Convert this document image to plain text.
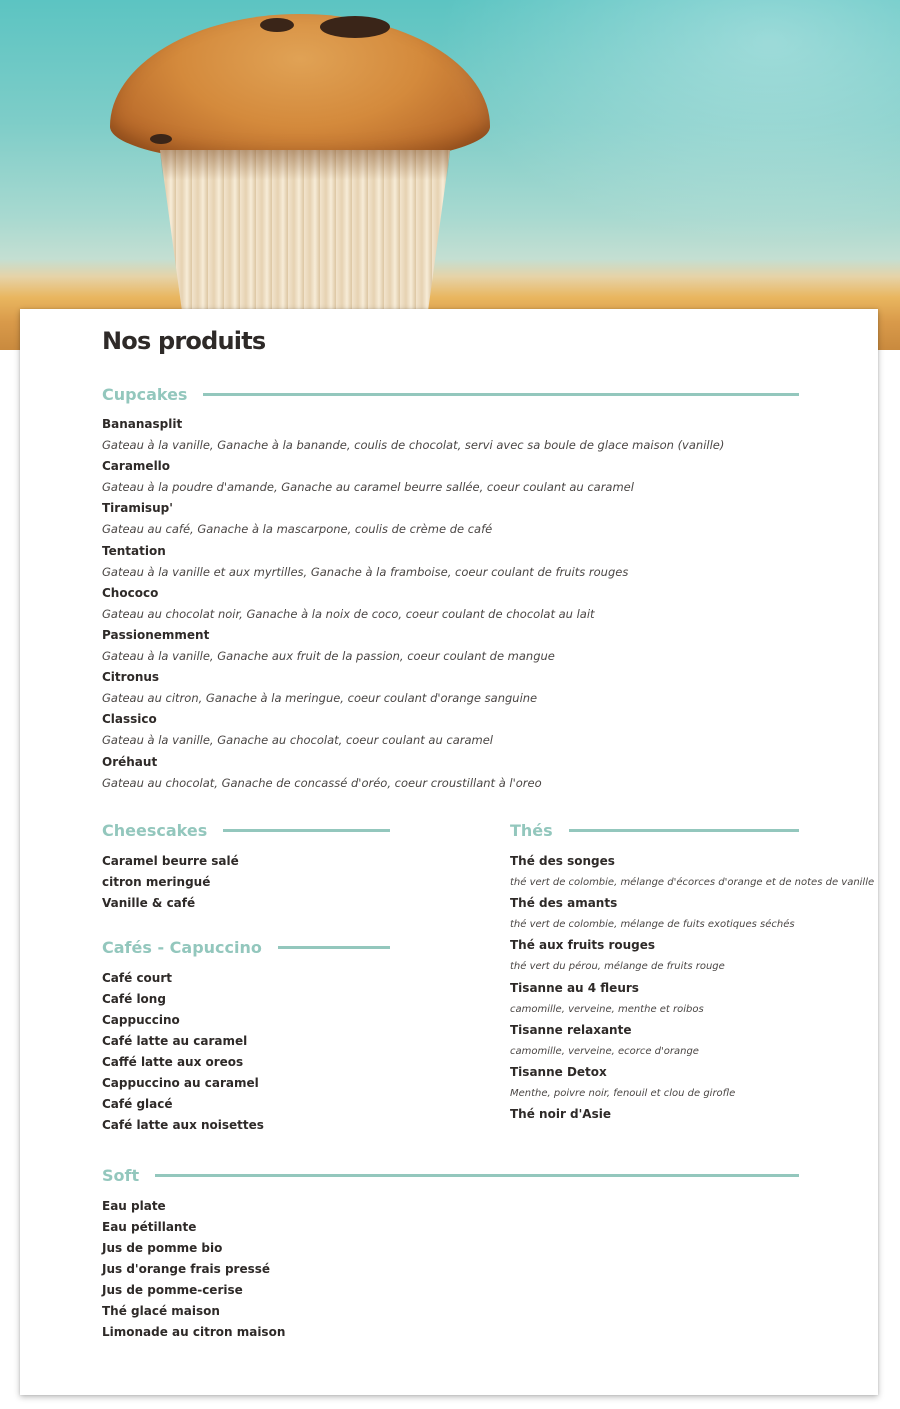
Nos produits
Cupcakes
Cheescakes
Cafés - Capuccino
Thés
Soft
Bananasplit
Gateau à la vanille, Ganache à la banande, coulis de chocolat, servi avec sa boule de glace maison (vanille)
Caramello
Gateau à la poudre d'amande, Ganache au caramel beurre sallée, coeur coulant au caramel
Tiramisup'
Gateau au café, Ganache à la mascarpone, coulis de crème de café
Tentation
Gateau à la vanille et aux myrtilles, Ganache à la framboise, coeur coulant de fruits rouges
Chococo
Gateau au chocolat noir, Ganache à la noix de coco, coeur coulant de chocolat au lait
Passionemment
Gateau à la vanille, Ganache aux fruit de la passion, coeur coulant de mangue
Citronus
Gateau au citron, Ganache à la meringue, coeur coulant d'orange sanguine
Classico
Gateau à la vanille, Ganache au chocolat, coeur coulant au caramel
Oréhaut
Gateau au chocolat, Ganache de concassé d'oréo, coeur croustillant à l'oreo
Caramel beurre salé
citron meringué
Vanille & café
Café court
Café long
Cappuccino
Café latte au caramel
Caffé latte aux oreos
Cappuccino au caramel
Café glacé
Café latte aux noisettes
Thé des songes
thé vert de colombie, mélange d'écorces d'orange et de notes de vanille
Thé des amants
thé vert de colombie, mélange de fuits exotiques séchés
Thé aux fruits rouges
thé vert du pérou, mélange de fruits rouge
Tisanne au 4 fleurs
camomille, verveine, menthe et roibos
Tisanne relaxante
camomille, verveine, ecorce d'orange
Tisanne Detox
Menthe, poivre noir, fenouil et clou de girofle
Thé noir d'Asie
Eau plate
Eau pétillante
Jus de pomme bio
Jus d'orange frais pressé
Jus de pomme-cerise
Thé glacé maison
Limonade au citron maison
